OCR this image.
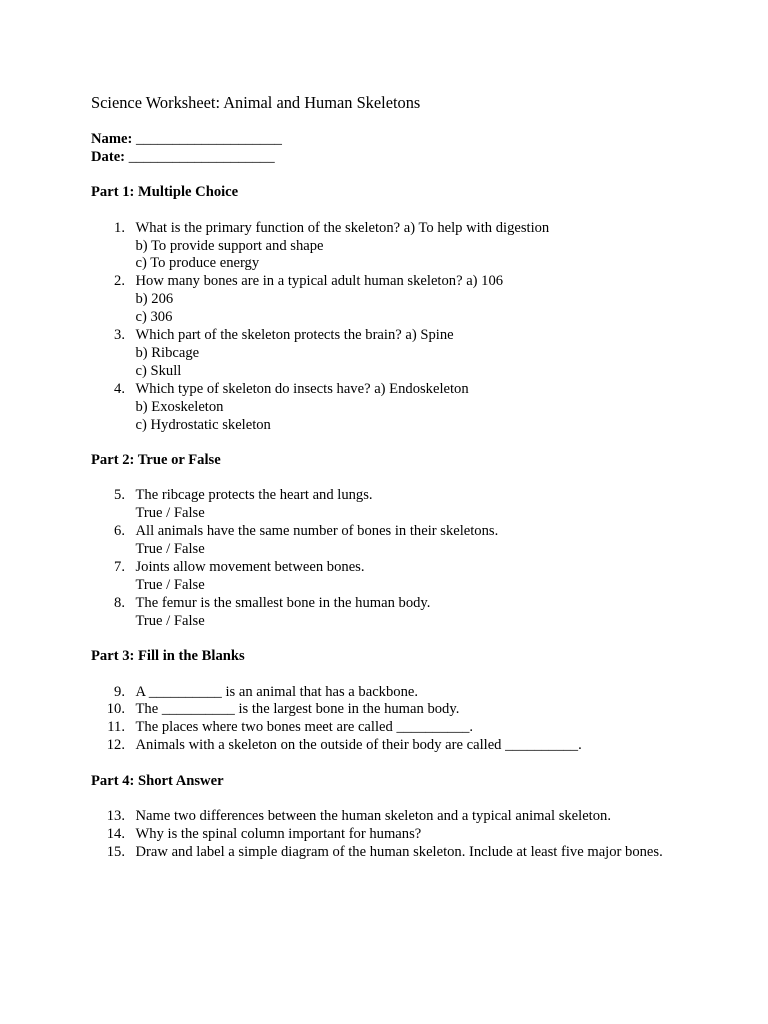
Science Worksheet: Animal and Human Skeletons
Name: ____________________
Date: ____________________
Part 1: Multiple Choice
1. What is the primary function of the skeleton? a) To help with digestion
b) To provide support and shape
c) To produce energy
2. How many bones are in a typical adult human skeleton? a) 106
b) 206
c) 306
3. Which part of the skeleton protects the brain? a) Spine
b) Ribcage
c) Skull
4. Which type of skeleton do insects have? a) Endoskeleton
b) Exoskeleton
c) Hydrostatic skeleton
Part 2: True or False
5. The ribcage protects the heart and lungs.
True / False
6. All animals have the same number of bones in their skeletons.
True / False
7. Joints allow movement between bones.
True / False
8. The femur is the smallest bone in the human body.
True / False
Part 3: Fill in the Blanks
9. A __________ is an animal that has a backbone.
10. The __________ is the largest bone in the human body.
11. The places where two bones meet are called __________.
12. Animals with a skeleton on the outside of their body are called __________.
Part 4: Short Answer
13. Name two differences between the human skeleton and a typical animal skeleton.
14. Why is the spinal column important for humans?
15. Draw and label a simple diagram of the human skeleton. Include at least five major bones.
